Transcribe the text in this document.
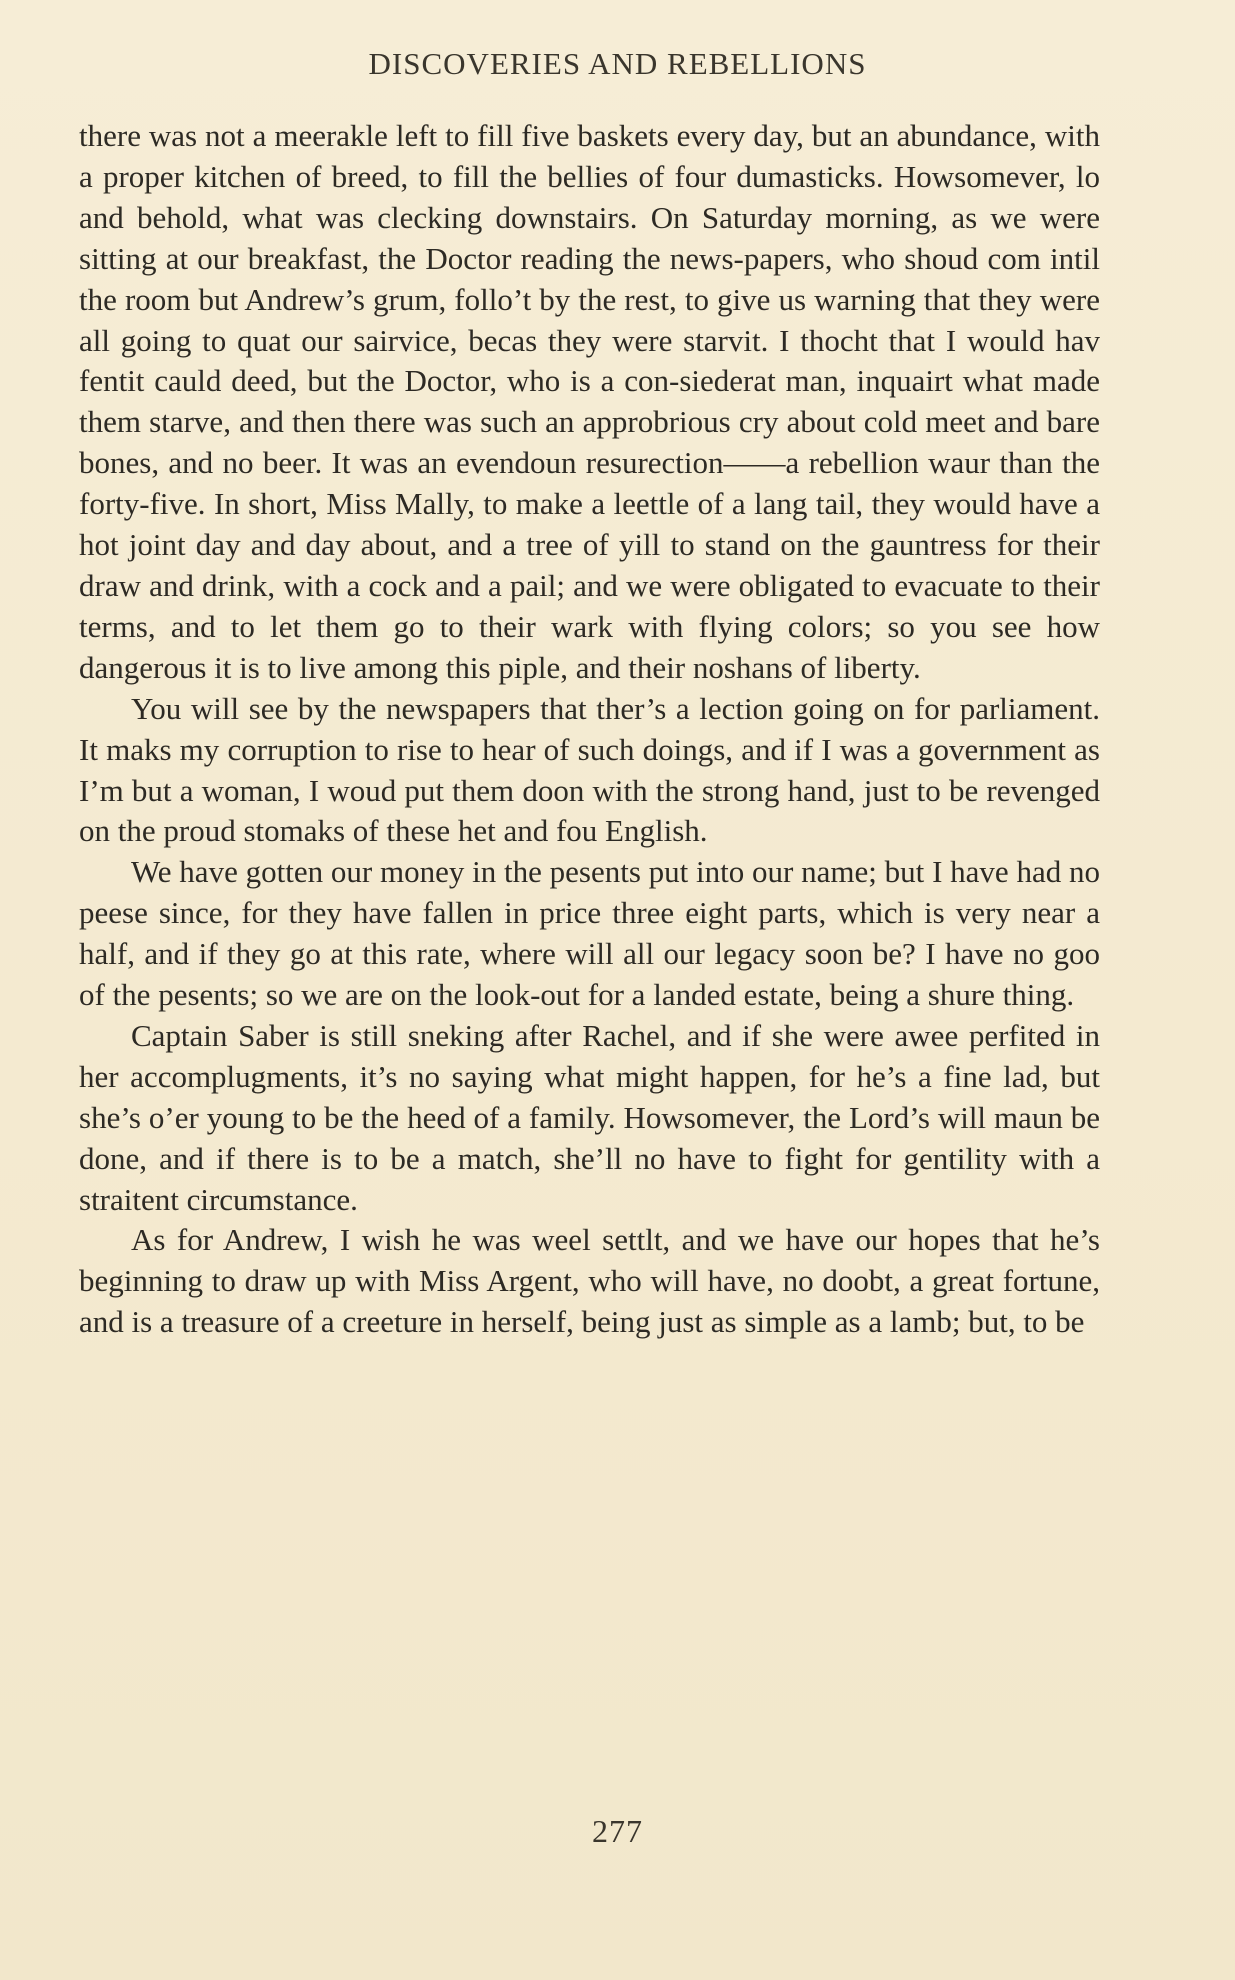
DISCOVERIES AND REBELLIONS

there was not a meerakle left to fill five baskets every day, but an abundance, with a proper kitchen of breed, to fill the bellies of four dumasticks. Howsomever, lo and behold, what was clecking downstairs. On Saturday morning, as we were sitting at our breakfast, the Doctor reading the news-papers, who shoud com intil the room but Andrew’s grum, follo’t by the rest, to give us warning that they were all going to quat our sairvice, becas they were starvit. I thocht that I would hav fentit cauld deed, but the Doctor, who is a con-siederat man, inquairt what made them starve, and then there was such an approbrious cry about cold meet and bare bones, and no beer. It was an evendoun resurection——a rebellion waur than the forty-five. In short, Miss Mally, to make a leettle of a lang tail, they would have a hot joint day and day about, and a tree of yill to stand on the gauntress for their draw and drink, with a cock and a pail; and we were obligated to evacuate to their terms, and to let them go to their wark with flying colors; so you see how dangerous it is to live among this piple, and their noshans of liberty.

You will see by the newspapers that ther’s a lection going on for parliament. It maks my corruption to rise to hear of such doings, and if I was a government as I’m but a woman, I woud put them doon with the strong hand, just to be revenged on the proud stomaks of these het and fou English.

We have gotten our money in the pesents put into our name; but I have had no peese since, for they have fallen in price three eight parts, which is very near a half, and if they go at this rate, where will all our legacy soon be? I have no goo of the pesents; so we are on the look-out for a landed estate, being a shure thing.

Captain Saber is still sneking after Rachel, and if she were awee perfited in her accomplugments, it’s no saying what might happen, for he’s a fine lad, but she’s o’er young to be the heed of a family. Howsomever, the Lord’s will maun be done, and if there is to be a match, she’ll no have to fight for gentility with a straitent circumstance.

As for Andrew, I wish he was weel settlt, and we have our hopes that he’s beginning to draw up with Miss Argent, who will have, no doobt, a great fortune, and is a treasure of a creeture in herself, being just as simple as a lamb; but, to be

277
